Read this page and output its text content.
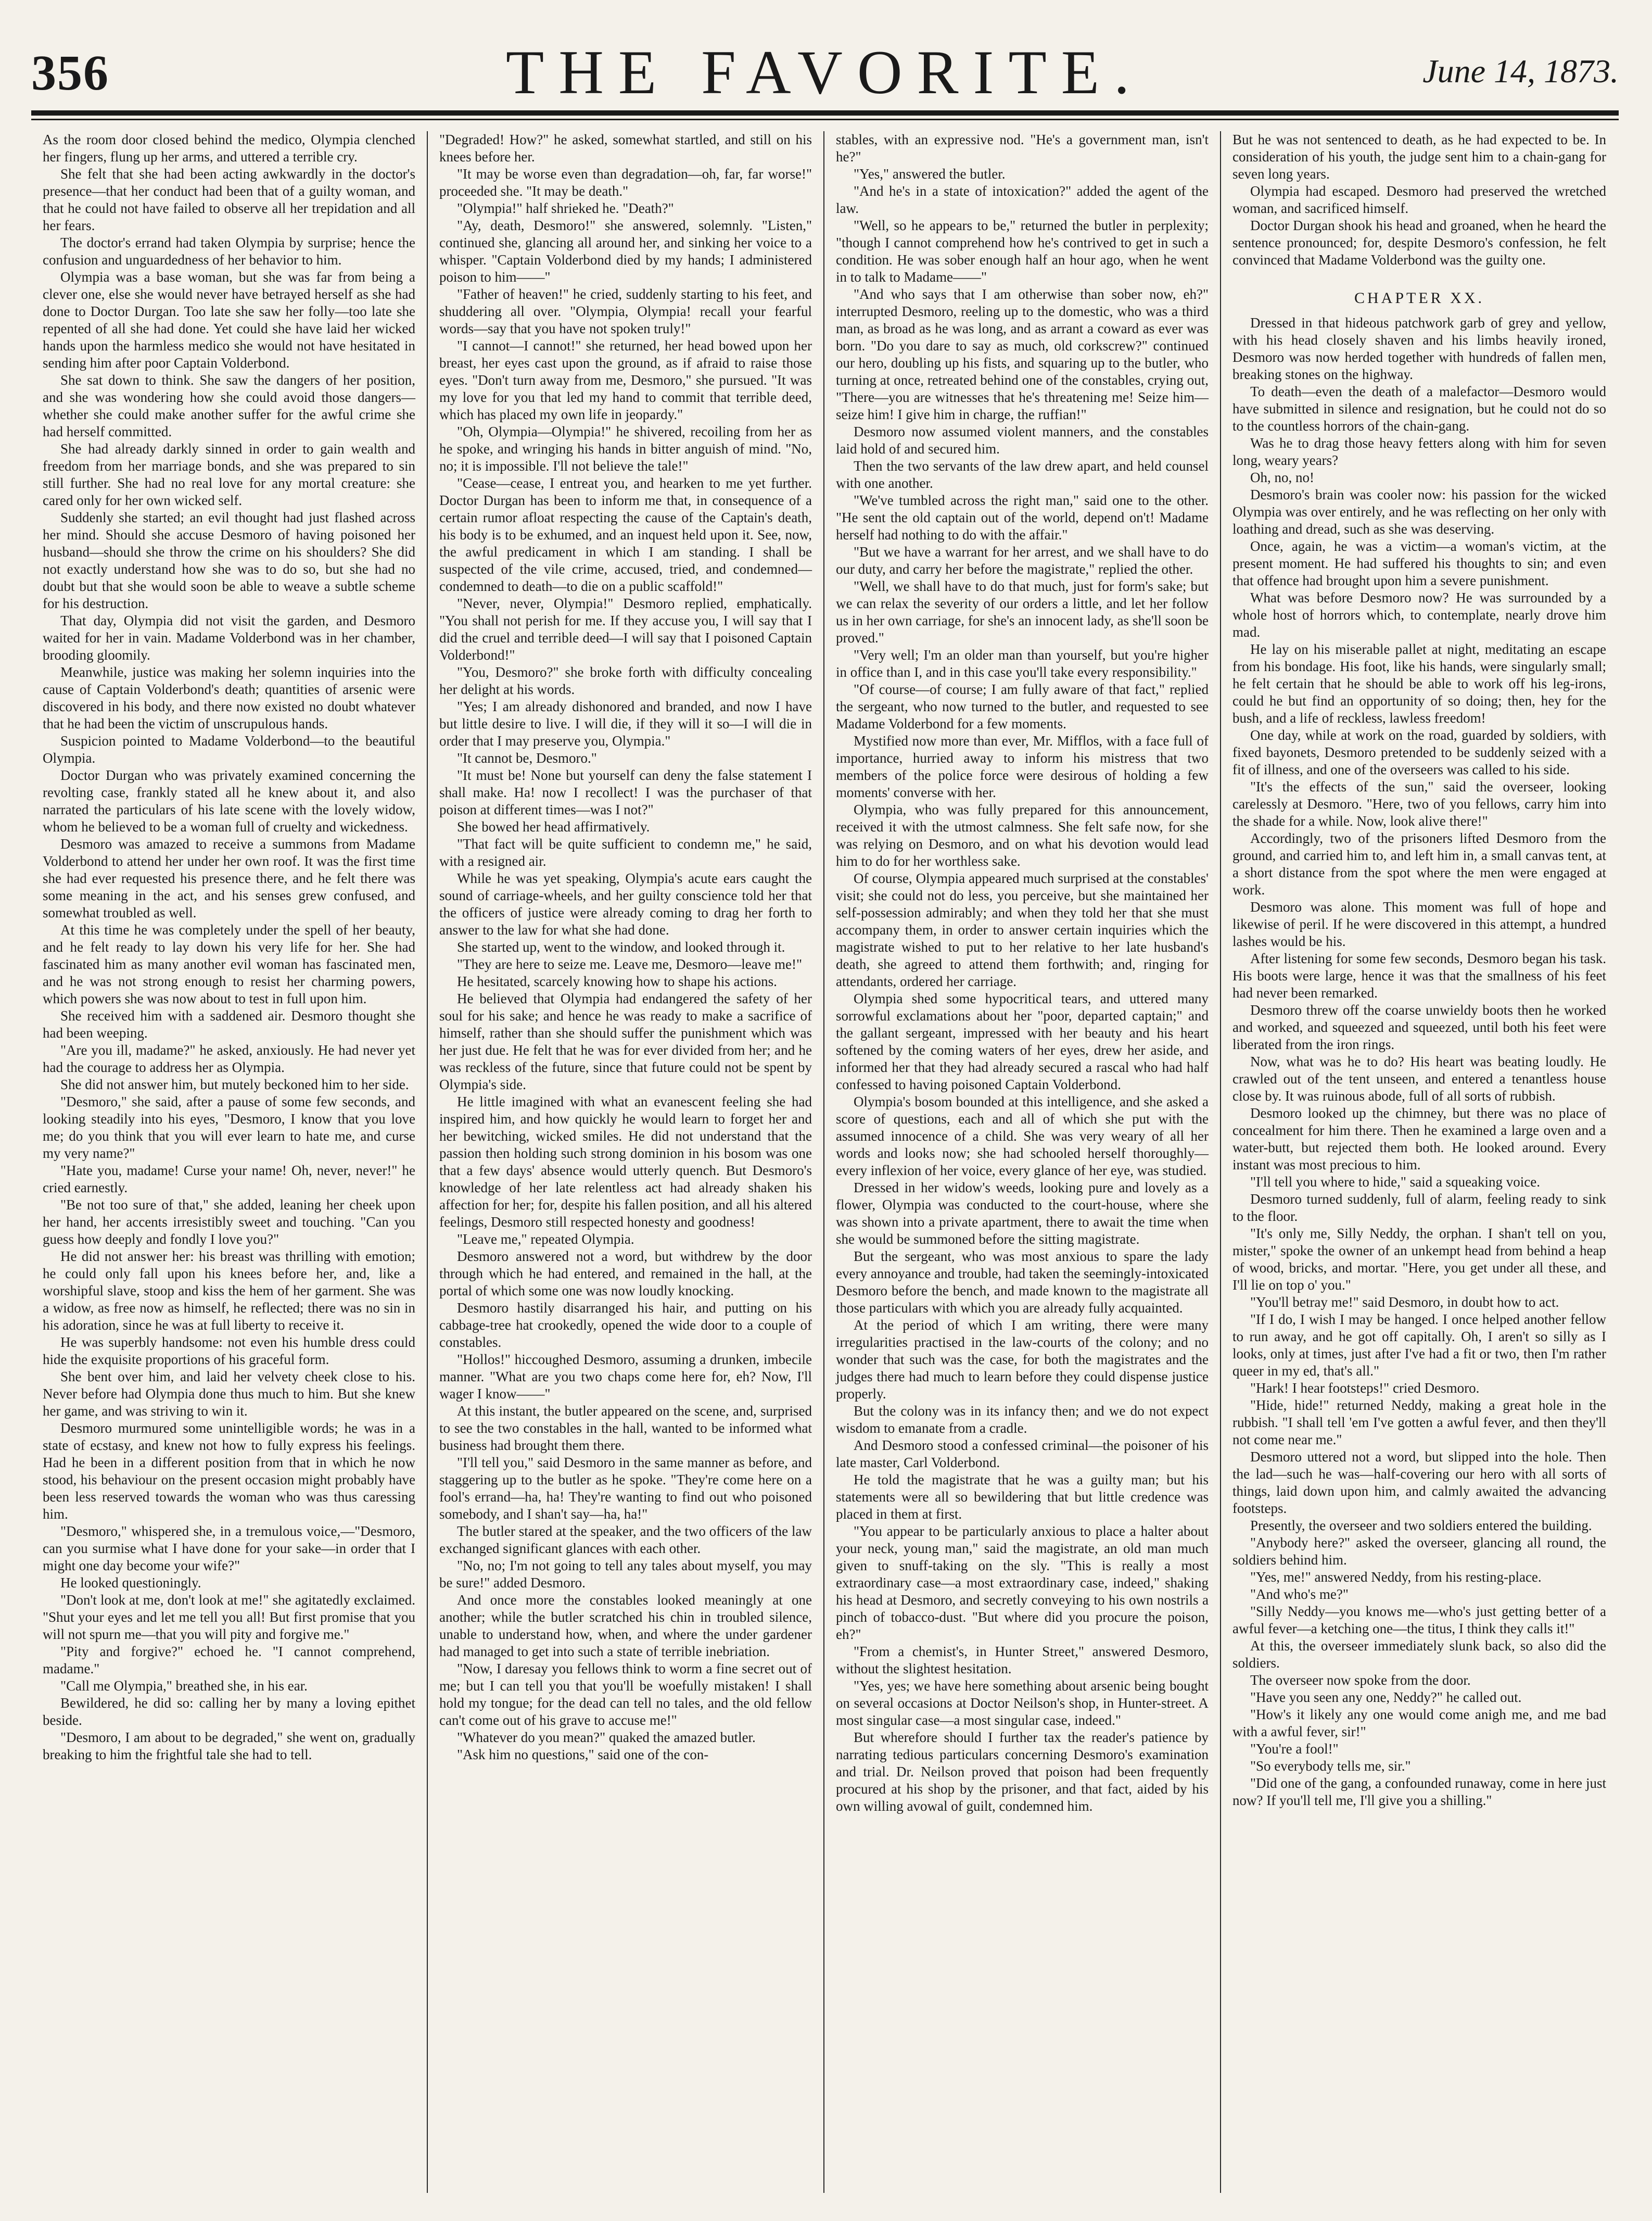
356	THE FAVORITE.	June 14, 1873.

As the room door closed behind the medico, Olympia clenched her fingers, flung up her arms, and uttered a terrible cry.

She felt that she had been acting awkwardly in the doctor's presence—that her conduct had been that of a guilty woman, and that he could not have failed to observe all her trepidation and all her fears.

The doctor's errand had taken Olympia by surprise; hence the confusion and unguardedness of her behavior to him.

Olympia was a base woman, but she was far from being a clever one, else she would never have betrayed herself as she had done to Doctor Durgan. Too late she saw her folly—too late she repented of all she had done. Yet could she have laid her wicked hands upon the harmless medico she would not have hesitated in sending him after poor Captain Volderbond.

She sat down to think. She saw the dangers of her position, and she was wondering how she could avoid those dangers—whether she could make another suffer for the awful crime she had herself committed.

She had already darkly sinned in order to gain wealth and freedom from her marriage bonds, and she was prepared to sin still further. She had no real love for any mortal creature: she cared only for her own wicked self.

Suddenly she started; an evil thought had just flashed across her mind. Should she accuse Desmoro of having poisoned her husband—should she throw the crime on his shoulders? She did not exactly understand how she was to do so, but she had no doubt but that she would soon be able to weave a subtle scheme for his destruction.

That day, Olympia did not visit the garden, and Desmoro waited for her in vain. Madame Volderbond was in her chamber, brooding gloomily.

Meanwhile, justice was making her solemn inquiries into the cause of Captain Volderbond's death; quantities of arsenic were discovered in his body, and there now existed no doubt whatever that he had been the victim of unscrupulous hands.

Suspicion pointed to Madame Volderbond—to the beautiful Olympia.

Doctor Durgan who was privately examined concerning the revolting case, frankly stated all he knew about it, and also narrated the particulars of his late scene with the lovely widow, whom he believed to be a woman full of cruelty and wickedness.

Desmoro was amazed to receive a summons from Madame Volderbond to attend her under her own roof. It was the first time she had ever requested his presence there, and he felt there was some meaning in the act, and his senses grew confused, and somewhat troubled as well.

At this time he was completely under the spell of her beauty, and he felt ready to lay down his very life for her. She had fascinated him as many another evil woman has fascinated men, and he was not strong enough to resist her charming powers, which powers she was now about to test in full upon him.

She received him with a saddened air. Desmoro thought she had been weeping.

"Are you ill, madame?" he asked, anxiously. He had never yet had the courage to address her as Olympia.

She did not answer him, but mutely beckoned him to her side.

"Desmoro," she said, after a pause of some few seconds, and looking steadily into his eyes, "Desmoro, I know that you love me; do you think that you will ever learn to hate me, and curse my very name?"

"Hate you, madame! Curse your name! Oh, never, never!" he cried earnestly.

"Be not too sure of that," she added, leaning her cheek upon her hand, her accents irresistibly sweet and touching. "Can you guess how deeply and fondly I love you?"

He did not answer her: his breast was thrilling with emotion; he could only fall upon his knees before her, and, like a worshipful slave, stoop and kiss the hem of her garment. She was a widow, as free now as himself, he reflected; there was no sin in his adoration, since he was at full liberty to receive it.

He was superbly handsome: not even his humble dress could hide the exquisite proportions of his graceful form.

She bent over him, and laid her velvety cheek close to his. Never before had Olympia done thus much to him. But she knew her game, and was striving to win it.

Desmoro murmured some unintelligible words; he was in a state of ecstasy, and knew not how to fully express his feelings. Had he been in a different position from that in which he now stood, his behaviour on the present occasion might probably have been less reserved towards the woman who was thus caressing him.

"Desmoro," whispered she, in a tremulous voice,—"Desmoro, can you surmise what I have done for your sake—in order that I might one day become your wife?"

He looked questioningly.

"Don't look at me, don't look at me!" she agitatedly exclaimed. "Shut your eyes and let me tell you all! But first promise that you will not spurn me—that you will pity and forgive me."

"Pity and forgive?" echoed he. "I cannot comprehend, madame."

"Call me Olympia," breathed she, in his ear.

Bewildered, he did so: calling her by many a loving epithet beside.

"Desmoro, I am about to be degraded," she went on, gradually breaking to him the frightful tale she had to tell.

"Degraded! How?" he asked, somewhat startled, and still on his knees before her.

"It may be worse even than degradation—oh, far, far worse!" proceeded she. "It may be death."

"Olympia!" half shrieked he. "Death?"

"Ay, death, Desmoro!" she answered, solemnly. "Listen," continued she, glancing all around her, and sinking her voice to a whisper. "Captain Volderbond died by my hands; I administered poison to him——"

"Father of heaven!" he cried, suddenly starting to his feet, and shuddering all over. "Olympia, Olympia! recall your fearful words—say that you have not spoken truly!"

"I cannot—I cannot!" she returned, her head bowed upon her breast, her eyes cast upon the ground, as if afraid to raise those eyes. "Don't turn away from me, Desmoro," she pursued. "It was my love for you that led my hand to commit that terrible deed, which has placed my own life in jeopardy."

"Oh, Olympia—Olympia!" he shivered, recoiling from her as he spoke, and wringing his hands in bitter anguish of mind. "No, no; it is impossible. I'll not believe the tale!"

"Cease—cease, I entreat you, and hearken to me yet further. Doctor Durgan has been to inform me that, in consequence of a certain rumor afloat respecting the cause of the Captain's death, his body is to be exhumed, and an inquest held upon it. See, now, the awful predicament in which I am standing. I shall be suspected of the vile crime, accused, tried, and condemned—condemned to death—to die on a public scaffold!"

"Never, never, Olympia!" Desmoro replied, emphatically. "You shall not perish for me. If they accuse you, I will say that I did the cruel and terrible deed—I will say that I poisoned Captain Volderbond!"

"You, Desmoro?" she broke forth with difficulty concealing her delight at his words.

"Yes; I am already dishonored and branded, and now I have but little desire to live. I will die, if they will it so—I will die in order that I may preserve you, Olympia."

"It cannot be, Desmoro."

"It must be! None but yourself can deny the false statement I shall make. Ha! now I recollect! I was the purchaser of that poison at different times—was I not?"

She bowed her head affirmatively.

"That fact will be quite sufficient to condemn me," he said, with a resigned air.

While he was yet speaking, Olympia's acute ears caught the sound of carriage-wheels, and her guilty conscience told her that the officers of justice were already coming to drag her forth to answer to the law for what she had done.

She started up, went to the window, and looked through it.

"They are here to seize me. Leave me, Desmoro—leave me!"

He hesitated, scarcely knowing how to shape his actions.

He believed that Olympia had endangered the safety of her soul for his sake; and hence he was ready to make a sacrifice of himself, rather than she should suffer the punishment which was her just due. He felt that he was for ever divided from her; and he was reckless of the future, since that future could not be spent by Olympia's side.

He little imagined with what an evanescent feeling she had inspired him, and how quickly he would learn to forget her and her bewitching, wicked smiles. He did not understand that the passion then holding such strong dominion in his bosom was one that a few days' absence would utterly quench. But Desmoro's knowledge of her late relentless act had already shaken his affection for her; for, despite his fallen position, and all his altered feelings, Desmoro still respected honesty and goodness!

"Leave me," repeated Olympia.

Desmoro answered not a word, but withdrew by the door through which he had entered, and remained in the hall, at the portal of which some one was now loudly knocking.

Desmoro hastily disarranged his hair, and putting on his cabbage-tree hat crookedly, opened the wide door to a couple of constables.

"Hollos!" hiccoughed Desmoro, assuming a drunken, imbecile manner. "What are you two chaps come here for, eh? Now, I'll wager I know——"

At this instant, the butler appeared on the scene, and, surprised to see the two constables in the hall, wanted to be informed what business had brought them there.

"I'll tell you," said Desmoro in the same manner as before, and staggering up to the butler as he spoke. "They're come here on a fool's errand—ha, ha! They're wanting to find out who poisoned somebody, and I shan't say—ha, ha!"

The butler stared at the speaker, and the two officers of the law exchanged significant glances with each other.

"No, no; I'm not going to tell any tales about myself, you may be sure!" added Desmoro.

And once more the constables looked meaningly at one another; while the butler scratched his chin in troubled silence, unable to understand how, when, and where the under gardener had managed to get into such a state of terrible inebriation.

"Now, I daresay you fellows think to worm a fine secret out of me; but I can tell you that you'll be woefully mistaken! I shall hold my tongue; for the dead can tell no tales, and the old fellow can't come out of his grave to accuse me!"

"Whatever do you mean?" quaked the amazed butler.

"Ask him no questions," said one of the con-

stables, with an expressive nod. "He's a government man, isn't he?"

"Yes," answered the butler.

"And he's in a state of intoxication?" added the agent of the law.

"Well, so he appears to be," returned the butler in perplexity; "though I cannot comprehend how he's contrived to get in such a condition. He was sober enough half an hour ago, when he went in to talk to Madame——"

"And who says that I am otherwise than sober now, eh?" interrupted Desmoro, reeling up to the domestic, who was a third man, as broad as he was long, and as arrant a coward as ever was born. "Do you dare to say as much, old corkscrew?" continued our hero, doubling up his fists, and squaring up to the butler, who turning at once, retreated behind one of the constables, crying out, "There—you are witnesses that he's threatening me! Seize him—seize him! I give him in charge, the ruffian!"

Desmoro now assumed violent manners, and the constables laid hold of and secured him.

Then the two servants of the law drew apart, and held counsel with one another.

"We've tumbled across the right man," said one to the other. "He sent the old captain out of the world, depend on't! Madame herself had nothing to do with the affair."

"But we have a warrant for her arrest, and we shall have to do our duty, and carry her before the magistrate," replied the other.

"Well, we shall have to do that much, just for form's sake; but we can relax the severity of our orders a little, and let her follow us in her own carriage, for she's an innocent lady, as she'll soon be proved."

"Very well; I'm an older man than yourself, but you're higher in office than I, and in this case you'll take every responsibility."

"Of course—of course; I am fully aware of that fact," replied the sergeant, who now turned to the butler, and requested to see Madame Volderbond for a few moments.

Mystified now more than ever, Mr. Mifflos, with a face full of importance, hurried away to inform his mistress that two members of the police force were desirous of holding a few moments' converse with her.

Olympia, who was fully prepared for this announcement, received it with the utmost calmness. She felt safe now, for she was relying on Desmoro, and on what his devotion would lead him to do for her worthless sake.

Of course, Olympia appeared much surprised at the constables' visit; she could not do less, you perceive, but she maintained her self-possession admirably; and when they told her that she must accompany them, in order to answer certain inquiries which the magistrate wished to put to her relative to her late husband's death, she agreed to attend them forthwith; and, ringing for attendants, ordered her carriage.

Olympia shed some hypocritical tears, and uttered many sorrowful exclamations about her "poor, departed captain;" and the gallant sergeant, impressed with her beauty and his heart softened by the coming waters of her eyes, drew her aside, and informed her that they had already secured a rascal who had half confessed to having poisoned Captain Volderbond.

Olympia's bosom bounded at this intelligence, and she asked a score of questions, each and all of which she put with the assumed innocence of a child. She was very weary of all her words and looks now; she had schooled herself thoroughly—every inflexion of her voice, every glance of her eye, was studied.

Dressed in her widow's weeds, looking pure and lovely as a flower, Olympia was conducted to the court-house, where she was shown into a private apartment, there to await the time when she would be summoned before the sitting magistrate.

But the sergeant, who was most anxious to spare the lady every annoyance and trouble, had taken the seemingly-intoxicated Desmoro before the bench, and made known to the magistrate all those particulars with which you are already fully acquainted.

At the period of which I am writing, there were many irregularities practised in the law-courts of the colony; and no wonder that such was the case, for both the magistrates and the judges there had much to learn before they could dispense justice properly.

But the colony was in its infancy then; and we do not expect wisdom to emanate from a cradle.

And Desmoro stood a confessed criminal—the poisoner of his late master, Carl Volderbond.

He told the magistrate that he was a guilty man; but his statements were all so bewildering that but little credence was placed in them at first.

"You appear to be particularly anxious to place a halter about your neck, young man," said the magistrate, an old man much given to snuff-taking on the sly. "This is really a most extraordinary case—a most extraordinary case, indeed," shaking his head at Desmoro, and secretly conveying to his own nostrils a pinch of tobacco-dust. "But where did you procure the poison, eh?"

"From a chemist's, in Hunter Street," answered Desmoro, without the slightest hesitation.

"Yes, yes; we have here something about arsenic being bought on several occasions at Doctor Neilson's shop, in Hunter-street. A most singular case—a most singular case, indeed."

But wherefore should I further tax the reader's patience by narrating tedious particulars concerning Desmoro's examination and trial. Dr. Neilson proved that poison had been frequently procured at his shop by the prisoner, and that fact, aided by his own willing avowal of guilt, condemned him.

But he was not sentenced to death, as he had expected to be. In consideration of his youth, the judge sent him to a chain-gang for seven long years.

Olympia had escaped. Desmoro had preserved the wretched woman, and sacrificed himself.

Doctor Durgan shook his head and groaned, when he heard the sentence pronounced; for, despite Desmoro's confession, he felt convinced that Madame Volderbond was the guilty one.

CHAPTER XX.

Dressed in that hideous patchwork garb of grey and yellow, with his head closely shaven and his limbs heavily ironed, Desmoro was now herded together with hundreds of fallen men, breaking stones on the highway.

To death—even the death of a malefactor—Desmoro would have submitted in silence and resignation, but he could not do so to the countless horrors of the chain-gang.

Was he to drag those heavy fetters along with him for seven long, weary years?

Oh, no, no!

Desmoro's brain was cooler now: his passion for the wicked Olympia was over entirely, and he was reflecting on her only with loathing and dread, such as she was deserving.

Once, again, he was a victim—a woman's victim, at the present moment. He had suffered his thoughts to sin; and even that offence had brought upon him a severe punishment.

What was before Desmoro now? He was surrounded by a whole host of horrors which, to contemplate, nearly drove him mad.

He lay on his miserable pallet at night, meditating an escape from his bondage. His foot, like his hands, were singularly small; he felt certain that he should be able to work off his leg-irons, could he but find an opportunity of so doing; then, hey for the bush, and a life of reckless, lawless freedom!

One day, while at work on the road, guarded by soldiers, with fixed bayonets, Desmoro pretended to be suddenly seized with a fit of illness, and one of the overseers was called to his side.

"It's the effects of the sun," said the overseer, looking carelessly at Desmoro. "Here, two of you fellows, carry him into the shade for a while. Now, look alive there!"

Accordingly, two of the prisoners lifted Desmoro from the ground, and carried him to, and left him in, a small canvas tent, at a short distance from the spot where the men were engaged at work.

Desmoro was alone. This moment was full of hope and likewise of peril. If he were discovered in this attempt, a hundred lashes would be his.

After listening for some few seconds, Desmoro began his task. His boots were large, hence it was that the smallness of his feet had never been remarked.

Desmoro threw off the coarse unwieldy boots then he worked and worked, and squeezed and squeezed, until both his feet were liberated from the iron rings.

Now, what was he to do? His heart was beating loudly. He crawled out of the tent unseen, and entered a tenantless house close by. It was ruinous abode, full of all sorts of rubbish.

Desmoro looked up the chimney, but there was no place of concealment for him there. Then he examined a large oven and a water-butt, but rejected them both. He looked around. Every instant was most precious to him.

"I'll tell you where to hide," said a squeaking voice.

Desmoro turned suddenly, full of alarm, feeling ready to sink to the floor.

"It's only me, Silly Neddy, the orphan. I shan't tell on you, mister," spoke the owner of an unkempt head from behind a heap of wood, bricks, and mortar. "Here, you get under all these, and I'll lie on top o' you."

"You'll betray me!" said Desmoro, in doubt how to act.

"If I do, I wish I may be hanged. I once helped another fellow to run away, and he got off capitally. Oh, I aren't so silly as I looks, only at times, just after I've had a fit or two, then I'm rather queer in my ed, that's all."

"Hark! I hear footsteps!" cried Desmoro.

"Hide, hide!" returned Neddy, making a great hole in the rubbish. "I shall tell 'em I've gotten a awful fever, and then they'll not come near me."

Desmoro uttered not a word, but slipped into the hole. Then the lad—such he was—half-covering our hero with all sorts of things, laid down upon him, and calmly awaited the advancing footsteps.

Presently, the overseer and two soldiers entered the building.

"Anybody here?" asked the overseer, glancing all round, the soldiers behind him.

"Yes, me!" answered Neddy, from his resting-place.

"And who's me?"

"Silly Neddy—you knows me—who's just getting better of a awful fever—a ketching one—the titus, I think they calls it!"

At this, the overseer immediately slunk back, so also did the soldiers.

The overseer now spoke from the door.

"Have you seen any one, Neddy?" he called out.

"How's it likely any one would come anigh me, and me bad with a awful fever, sir!"

"You're a fool!"

"So everybody tells me, sir."

"Did one of the gang, a confounded runaway, come in here just now? If you'll tell me, I'll give you a shilling."
